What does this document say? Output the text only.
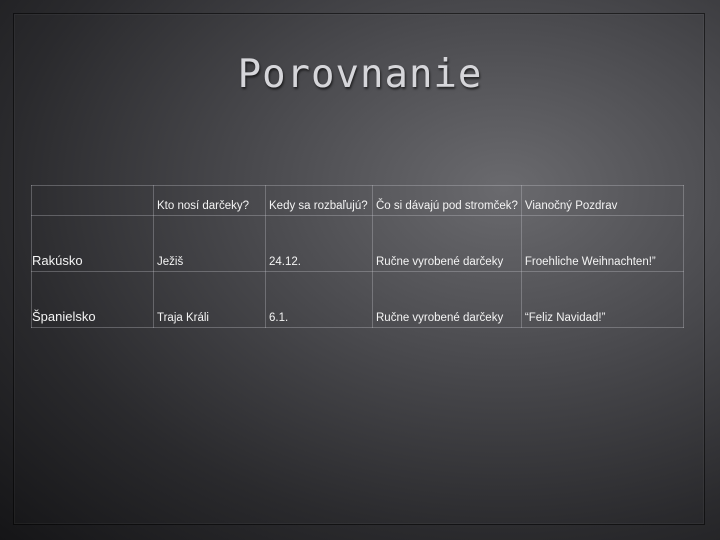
Porovnanie
	Kto nosí darčeky?	Kedy sa rozbaľujú?	Čo si dávajú pod stromček?	Vianočný Pozdrav
Rakúsko	Ježiš	24.12.	Ručne vyrobené darčeky	Froehliche Weihnachten!”
Španielsko	Traja Králi	6.1.	Ručne vyrobené darčeky	“Feliz Navidad!”
